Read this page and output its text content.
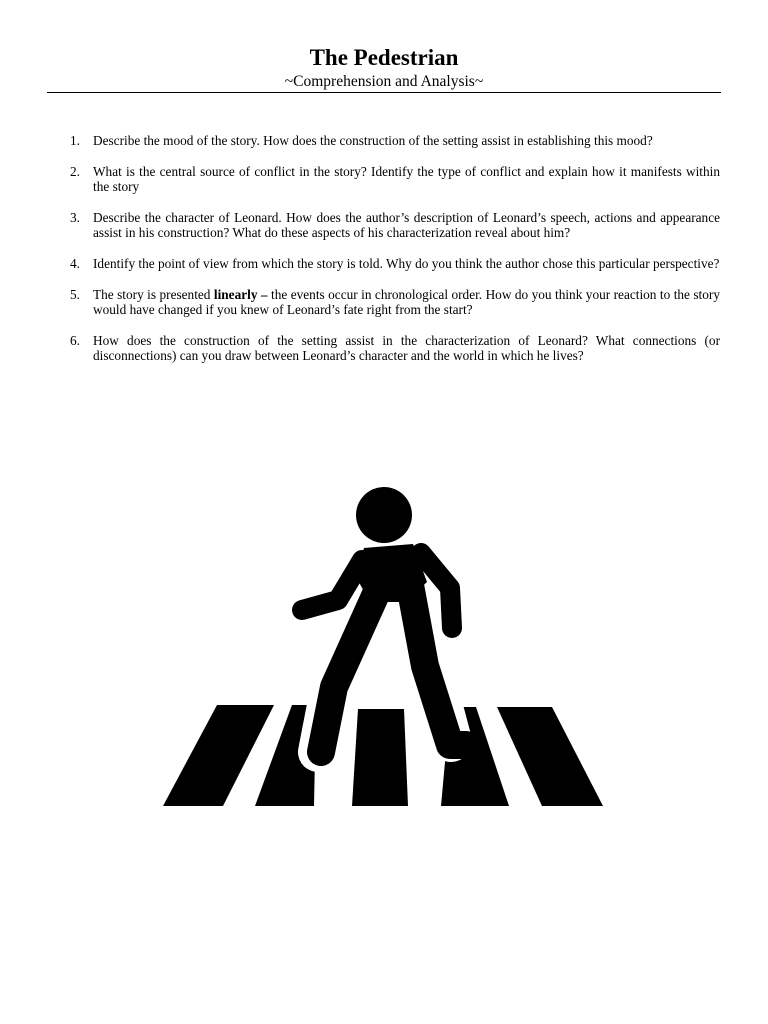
The Pedestrian
~Comprehension and Analysis~
1. Describe the mood of the story. How does the construction of the setting assist in establishing this mood?
2. What is the central source of conflict in the story? Identify the type of conflict and explain how it manifests within the story
3. Describe the character of Leonard. How does the author’s description of Leonard’s speech, actions and appearance assist in his construction? What do these aspects of his characterization reveal about him?
4. Identify the point of view from which the story is told. Why do you think the author chose this particular perspective?
5. The story is presented linearly – the events occur in chronological order. How do you think your reaction to the story would have changed if you knew of Leonard’s fate right from the start?
6. How does the construction of the setting assist in the characterization of Leonard? What connections (or disconnections) can you draw between Leonard’s character and the world in which he lives?
